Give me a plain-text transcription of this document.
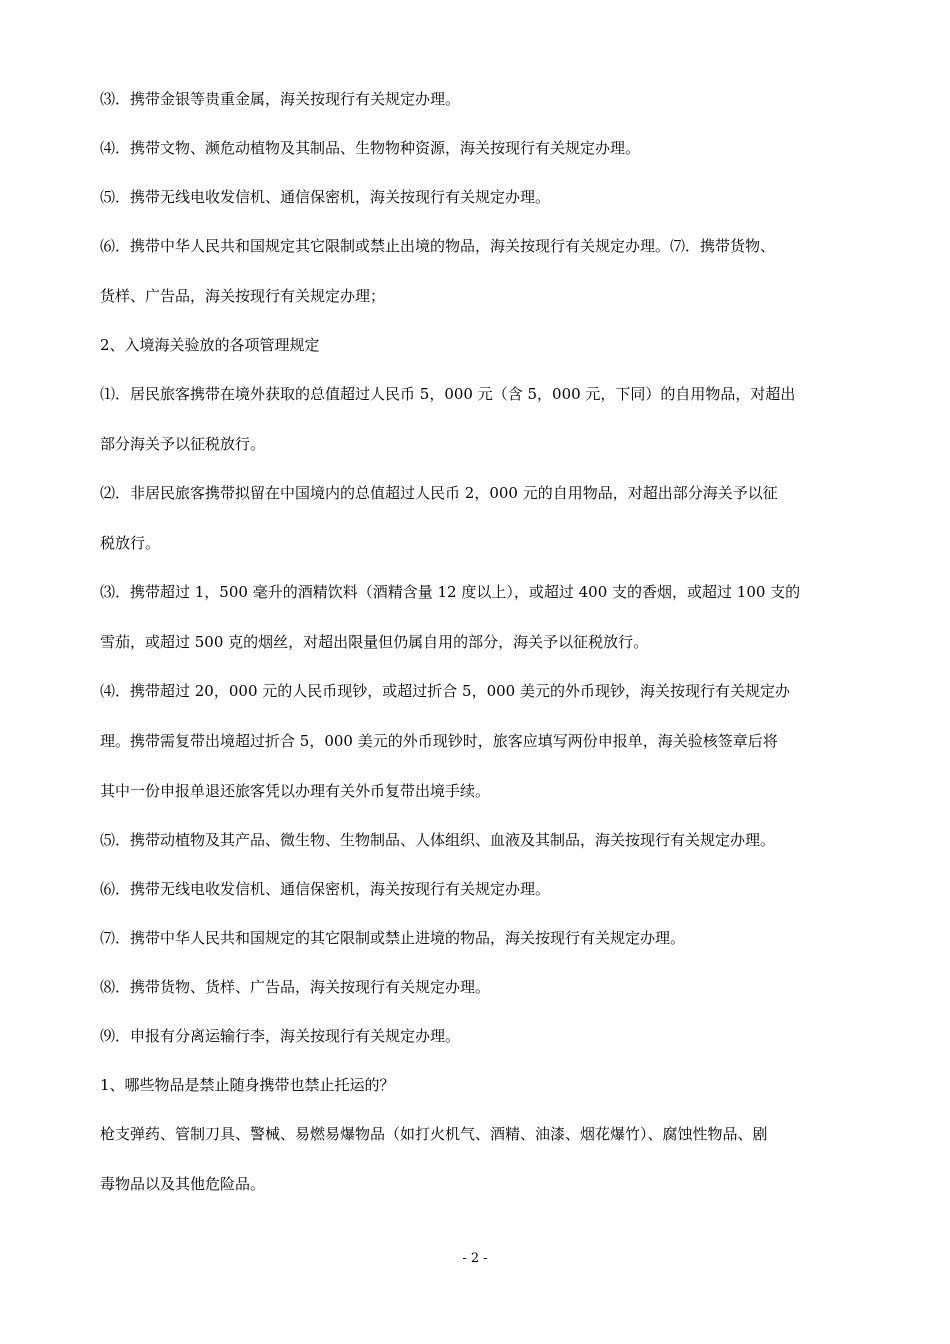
⑶．携带金银等贵重金属，海关按现行有关规定办理。
⑷．携带文物、濒危动植物及其制品、生物物种资源，海关按现行有关规定办理。
⑸．携带无线电收发信机、通信保密机，海关按现行有关规定办理。
⑹．携带中华人民共和国规定其它限制或禁止出境的物品，海关按现行有关规定办理。⑺．携带货物、
货样、广告品，海关按现行有关规定办理；
2、入境海关验放的各项管理规定
⑴．居民旅客携带在境外获取的总值超过人民币 5，000 元（含 5，000 元，下同）的自用物品，对超出
部分海关予以征税放行。
⑵．非居民旅客携带拟留在中国境内的总值超过人民币 2，000 元的自用物品，对超出部分海关予以征
税放行。
⑶．携带超过 1，500 毫升的酒精饮料（酒精含量 12 度以上），或超过 400 支的香烟，或超过 100 支的
雪茄，或超过 500 克的烟丝，对超出限量但仍属自用的部分，海关予以征税放行。
⑷．携带超过 20，000 元的人民币现钞，或超过折合 5，000 美元的外币现钞，海关按现行有关规定办
理。携带需复带出境超过折合 5，000 美元的外币现钞时，旅客应填写两份申报单，海关验核签章后将
其中一份申报单退还旅客凭以办理有关外币复带出境手续。
⑸．携带动植物及其产品、微生物、生物制品、人体组织、血液及其制品，海关按现行有关规定办理。
⑹．携带无线电收发信机、通信保密机，海关按现行有关规定办理。
⑺．携带中华人民共和国规定的其它限制或禁止进境的物品，海关按现行有关规定办理。
⑻．携带货物、货样、广告品，海关按现行有关规定办理。
⑼．申报有分离运输行李，海关按现行有关规定办理。
1、哪些物品是禁止随身携带也禁止托运的？
枪支弹药、管制刀具、警械、易燃易爆物品（如打火机气、酒精、油漆、烟花爆竹）、腐蚀性物品、剧
毒物品以及其他危险品。
- 2 -
